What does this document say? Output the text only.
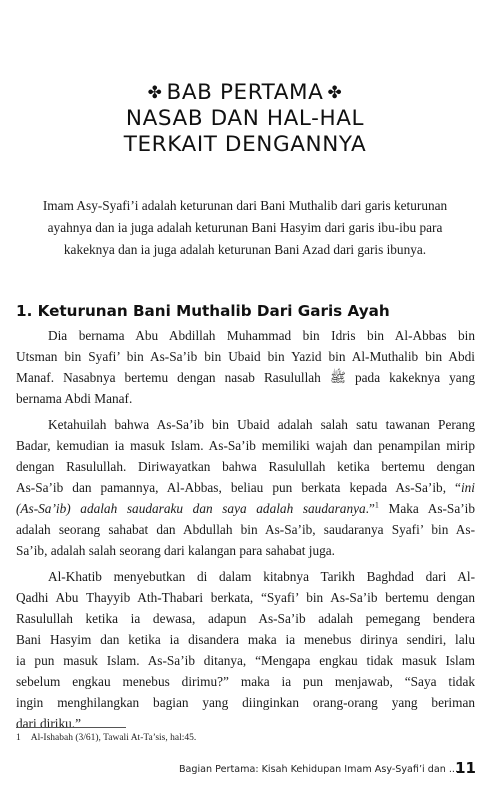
✤ BAB PERTAMA ✤
NASAB DAN HAL-HAL
TERKAIT DENGANNYA
Imam Asy-Syafi’i adalah keturunan dari Bani Muthalib dari garis keturunan
ayahnya dan ia juga adalah keturunan Bani Hasyim dari garis ibu-ibu para
kakeknya dan ia juga adalah keturunan Bani Azad dari garis ibunya.
1. Keturunan Bani Muthalib Dari Garis Ayah
Dia bernama Abu Abdillah Muhammad bin Idris bin Al-Abbas bin
Utsman bin Syafi’ bin As-Sa’ib bin Ubaid bin Yazid bin Al-Muthalib bin Abdi
Manaf. Nasabnya bertemu dengan nasab Rasulullah ﷺ pada kakeknya yang
bernama Abdi Manaf.
Ketahuilah bahwa As-Sa’ib bin Ubaid adalah salah satu tawanan Perang
Badar, kemudian ia masuk Islam. As-Sa’ib memiliki wajah dan penampilan mirip
dengan Rasulullah. Diriwayatkan bahwa Rasulullah ketika bertemu dengan
As-Sa’ib dan pamannya, Al-Abbas, beliau pun berkata kepada As-Sa’ib, “ini
(As-Sa’ib) adalah saudaraku dan saya adalah saudaranya.”$^1$ Maka As-Sa’ib
adalah seorang sahabat dan Abdullah bin As-Sa’ib, saudaranya Syafi’ bin As-
Sa’ib, adalah salah seorang dari kalangan para sahabat juga.
Al-Khatib menyebutkan di dalam kitabnya Tarikh Baghdad dari Al-
Qadhi Abu Thayyib Ath-Thabari berkata, “Syafi’ bin As-Sa’ib bertemu dengan
Rasulullah ketika ia dewasa, adapun As-Sa’ib adalah pemegang bendera
Bani Hasyim dan ketika ia disandera maka ia menebus dirinya sendiri, lalu
ia pun masuk Islam. As-Sa’ib ditanya, “Mengapa engkau tidak masuk Islam
sebelum engkau menebus dirimu?” maka ia pun menjawab, “Saya tidak
ingin menghilangkan bagian yang diinginkan orang-orang yang beriman
dari diriku.”
1 Al-Ishabah (3/61), Tawali At-Ta’sis, hal:45.
Bagian Pertama: Kisah Kehidupan Imam Asy-Syafi’i dan ...
11
